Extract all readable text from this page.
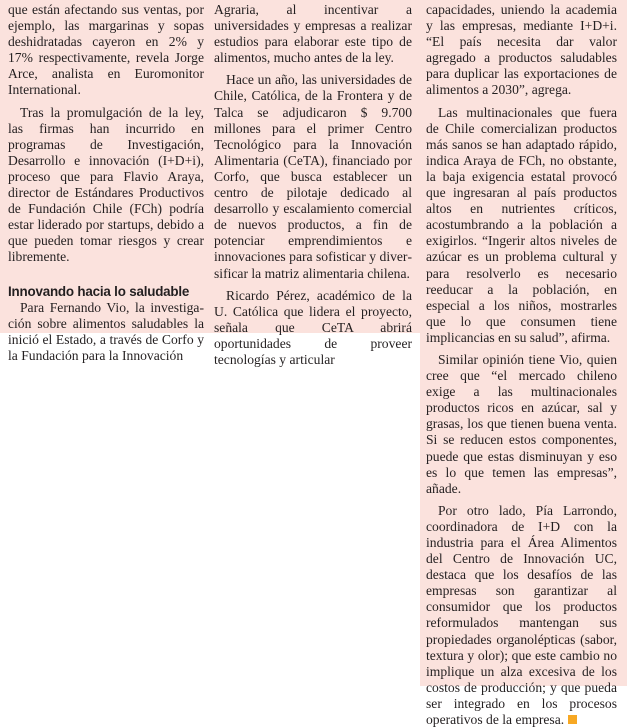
que están afectando sus ventas, por ejemplo, las margarinas y sopas deshidratadas cayeron en 2% y 17% respectivamente, revela Jorge Arce, analista en Euromonitor International.

Tras la promulgación de la ley, las firmas han incurrido en programas de Investigación, Desarrollo e innovación (I+D+i), proceso que para Flavio Araya, director de Estándares Productivos de Fundación Chile (FCh) podría estar liderado por startups, debido a que pueden tomar riesgos y crear libremente.

Innovando hacia lo saludable

Para Fernando Vio, la investigación sobre alimentos saludables la inició el Estado, a través de Corfo y la Fundación para la Innovación

Agraria, al incentivar a universidades y empresas a realizar estudios para elaborar este tipo de alimentos, mucho antes de la ley.

Hace un año, las universidades de Chile, Católica, de la Frontera y de Talca se adjudicaron $ 9.700 millones para el primer Centro Tecnológico para la Innovación Alimentaria (CeTA), financiado por Corfo, que busca establecer un centro de pilotaje dedicado al desarrollo y escalamiento comercial de nuevos productos, a fin de potenciar emprendimientos e innovaciones para sofisticar y diversificar la matriz alimentaria chilena.

Ricardo Pérez, académico de la U. Católica que lidera el proyecto, señala que CeTA abrirá oportunidades de proveer tecnologías y articular

capacidades, uniendo la academia y las empresas, mediante I+D+i. “El país necesita dar valor agregado a productos saludables para duplicar las exportaciones de alimentos a 2030”, agrega.

Las multinacionales que fuera de Chile comercializan productos más sanos se han adaptado rápido, indica Araya de FCh, no obstante, la baja exigencia estatal provocó que ingresaran al país productos altos en nutrientes críticos, acostumbrando a la población a exigirlos. “Ingerir altos niveles de azúcar es un problema cultural y para resolverlo es necesario reeducar a la población, en especial a los niños, mostrarles que lo que consumen tiene implicancias en su salud”, afirma.

Similar opinión tiene Vio, quien cree que “el mercado chileno exige a las multinacionales productos ricos en azúcar, sal y grasas, los que tienen buena venta. Si se reducen estos componentes, puede que estas disminuyan y eso es lo que temen las empresas”, añade.

Por otro lado, Pía Larrondo, coordinadora de I+D con la industria para el Área Alimentos del Centro de Innovación UC, destaca que los desafíos de las empresas son garantizar al consumidor que los productos reformulados mantengan sus propiedades organolépticas (sabor, textura y olor); que este cambio no implique un alza excesiva de los costos de producción; y que pueda ser integrado en los procesos operativos de la empresa.
